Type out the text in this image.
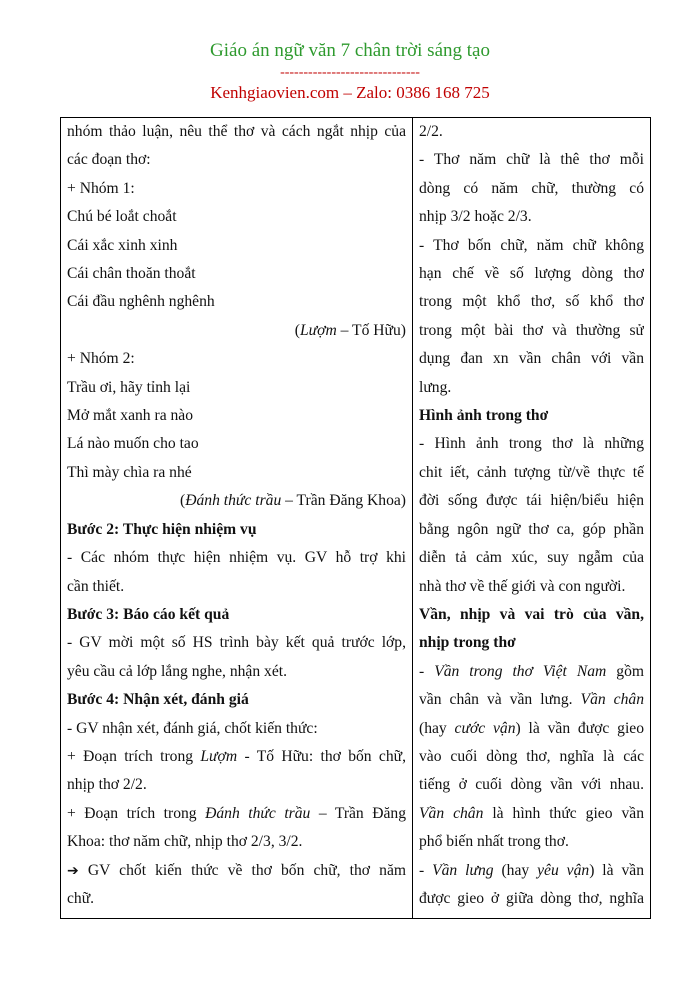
Giáo án ngữ văn 7 chân trời sáng tạo
------------------------------
Kenhgiaovien.com – Zalo: 0386 168 725
nhóm thảo luận, nêu thể thơ và cách ngắt nhịp của
các đoạn thơ:
+ Nhóm 1:
Chú bé loắt choắt
Cái xắc xinh xinh
Cái chân thoăn thoắt
Cái đầu nghênh nghênh
(Lượm – Tố Hữu)
+ Nhóm 2:
Trầu ơi, hãy tỉnh lại
Mở mắt xanh ra nào
Lá nào muốn cho tao
Thì mày chìa ra nhé
(Đánh thức trầu – Trần Đăng Khoa)
Bước 2: Thực hiện nhiệm vụ
- Các nhóm thực hiện nhiệm vụ. GV hỗ trợ khi
cần thiết.
Bước 3: Báo cáo kết quả
- GV mời một số HS trình bày kết quả trước lớp,
yêu cầu cả lớp lắng nghe, nhận xét.
Bước 4: Nhận xét, đánh giá
- GV nhận xét, đánh giá, chốt kiến thức:
+ Đoạn trích trong Lượm - Tố Hữu: thơ bốn chữ,
nhịp thơ 2/2.
+ Đoạn trích trong Đánh thức trầu – Trần Đăng
Khoa: thơ năm chữ, nhịp thơ 2/3, 3/2.
➔ GV chốt kiến thức về thơ bốn chữ, thơ năm
chữ.

2/2.
- Thơ năm chữ là thê thơ mỗi
dòng có năm chữ, thường có
nhịp 3/2 hoặc 2/3.
- Thơ bốn chữ, năm chữ không
hạn chế về số lượng dòng thơ
trong một khổ thơ, số khổ thơ
trong một bài thơ và thường sử
dụng đan xn vần chân với vần
lưng.
Hình ảnh trong thơ
- Hình ảnh trong thơ là những
chit iết, cảnh tượng từ/về thực tế
đời sống được tái hiện/biểu hiện
bằng ngôn ngữ thơ ca, góp phần
diễn tả cảm xúc, suy ngẫm của
nhà thơ về thế giới và con người.
Vần, nhịp và vai trò của vần,
nhịp trong thơ
- Vần trong thơ Việt Nam gồm
vần chân và vần lưng. Vần chân
(hay cước vận) là vần được gieo
vào cuối dòng thơ, nghĩa là các
tiếng ở cuối dòng vần với nhau.
Vần chân là hình thức gieo vần
phổ biến nhất trong thơ.
- Vần lưng (hay yêu vận) là vần
được gieo ở giữa dòng thơ, nghĩa
